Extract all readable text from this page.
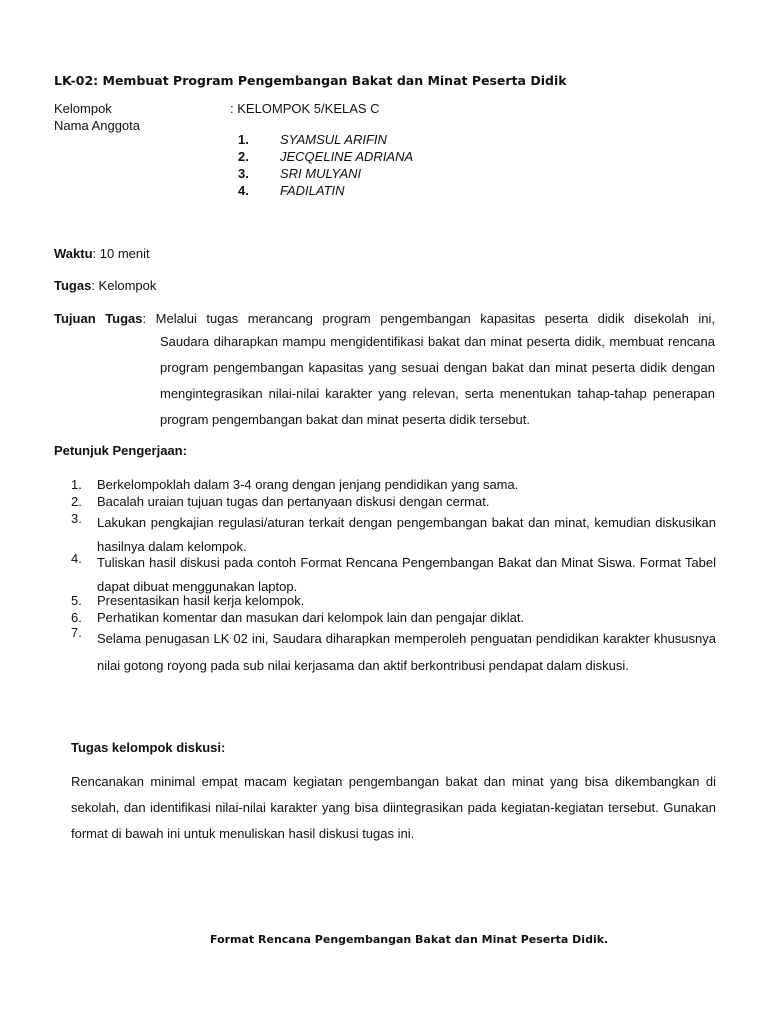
LK-02: Membuat Program Pengembangan Bakat dan Minat Peserta Didik
Kelompok	: KELOMPOK 5/KELAS C
Nama Anggota
1. SYAMSUL ARIFIN
2. JECQELINE ADRIANA
3. SRI MULYANI
4. FADILATIN
Waktu: 10 menit
Tugas: Kelompok
Tujuan Tugas: Melalui tugas merancang program pengembangan kapasitas peserta didik disekolah ini,
Saudara diharapkan mampu mengidentifikasi bakat dan minat peserta didik, membuat rencana program pengembangan kapasitas yang sesuai dengan bakat dan minat peserta didik dengan mengintegrasikan nilai-nilai karakter yang relevan, serta menentukan tahap-tahap penerapan program pengembangan bakat dan minat peserta didik tersebut.
Petunjuk Pengerjaan:
1. Berkelompoklah dalam 3-4 orang dengan jenjang pendidikan yang sama.
2. Bacalah uraian tujuan tugas dan pertanyaan diskusi dengan cermat.
3. Lakukan pengkajian regulasi/aturan terkait dengan pengembangan bakat dan minat, kemudian diskusikan hasilnya dalam kelompok.
4. Tuliskan hasil diskusi pada contoh Format Rencana Pengembangan Bakat dan Minat Siswa. Format Tabel dapat dibuat menggunakan laptop.
5. Presentasikan hasil kerja kelompok.
6. Perhatikan komentar dan masukan dari kelompok lain dan pengajar diklat.
7. Selama penugasan LK 02 ini, Saudara diharapkan memperoleh penguatan pendidikan karakter khususnya nilai gotong royong pada sub nilai kerjasama dan aktif berkontribusi pendapat dalam diskusi.
Tugas kelompok diskusi:
Rencanakan minimal empat macam kegiatan pengembangan bakat dan minat yang bisa dikembangkan di sekolah, dan identifikasi nilai-nilai karakter yang bisa diintegrasikan pada kegiatan-kegiatan tersebut. Gunakan format di bawah ini untuk menuliskan hasil diskusi tugas ini.
Format Rencana Pengembangan Bakat dan Minat Peserta Didik.
